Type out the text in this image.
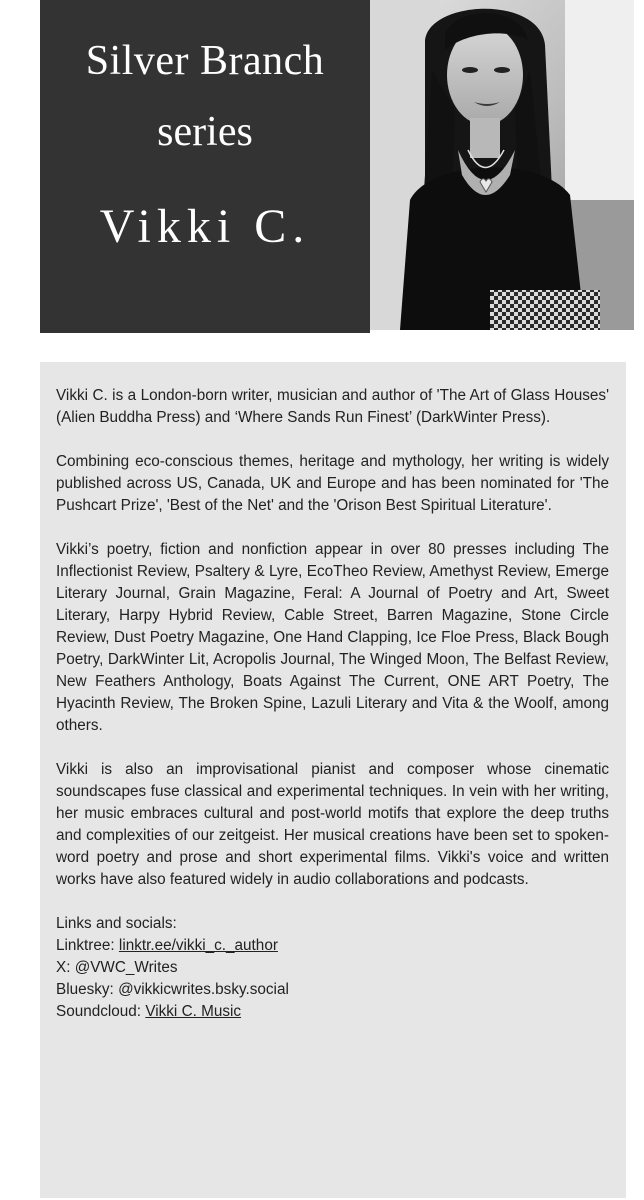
Silver Branch
series
Vikki C.

Vikki C. is a London-born writer, musician and author of 'The Art of Glass Houses' (Alien Buddha Press) and ‘Where Sands Run Finest’ (DarkWinter Press).

Combining eco-conscious themes, heritage and mythology, her writing is widely published across US, Canada, UK and Europe and has been nominated for 'The Pushcart Prize', 'Best of the Net' and the 'Orison Best Spiritual Literature'.

Vikki’s poetry, fiction and nonfiction appear in over 80 presses including The Inflectionist Review, Psaltery & Lyre, EcoTheo Review, Amethyst Review, Emerge Literary Journal, Grain Magazine, Feral: A Journal of Poetry and Art, Sweet Literary, Harpy Hybrid Review, Cable Street, Barren Magazine, Stone Circle Review, Dust Poetry Magazine, One Hand Clapping, Ice Floe Press, Black Bough Poetry, DarkWinter Lit, Acropolis Journal, The Winged Moon, The Belfast Review, New Feathers Anthology, Boats Against The Current, ONE ART Poetry, The Hyacinth Review, The Broken Spine, Lazuli Literary and Vita & the Woolf, among others.

Vikki is also an improvisational pianist and composer whose cinematic soundscapes fuse classical and experimental techniques. In vein with her writing, her music embraces cultural and post-world motifs that explore the deep truths and complexities of our zeitgeist. Her musical creations have been set to spoken-word poetry and prose and short experimental films. Vikki's voice and written works have also featured widely in audio collaborations and podcasts.

Links and socials:
Linktree: linktr.ee/vikki_c._author
X: @VWC_Writes
Bluesky: @vikkicwrites.bsky.social
Soundcloud: Vikki C. Music
